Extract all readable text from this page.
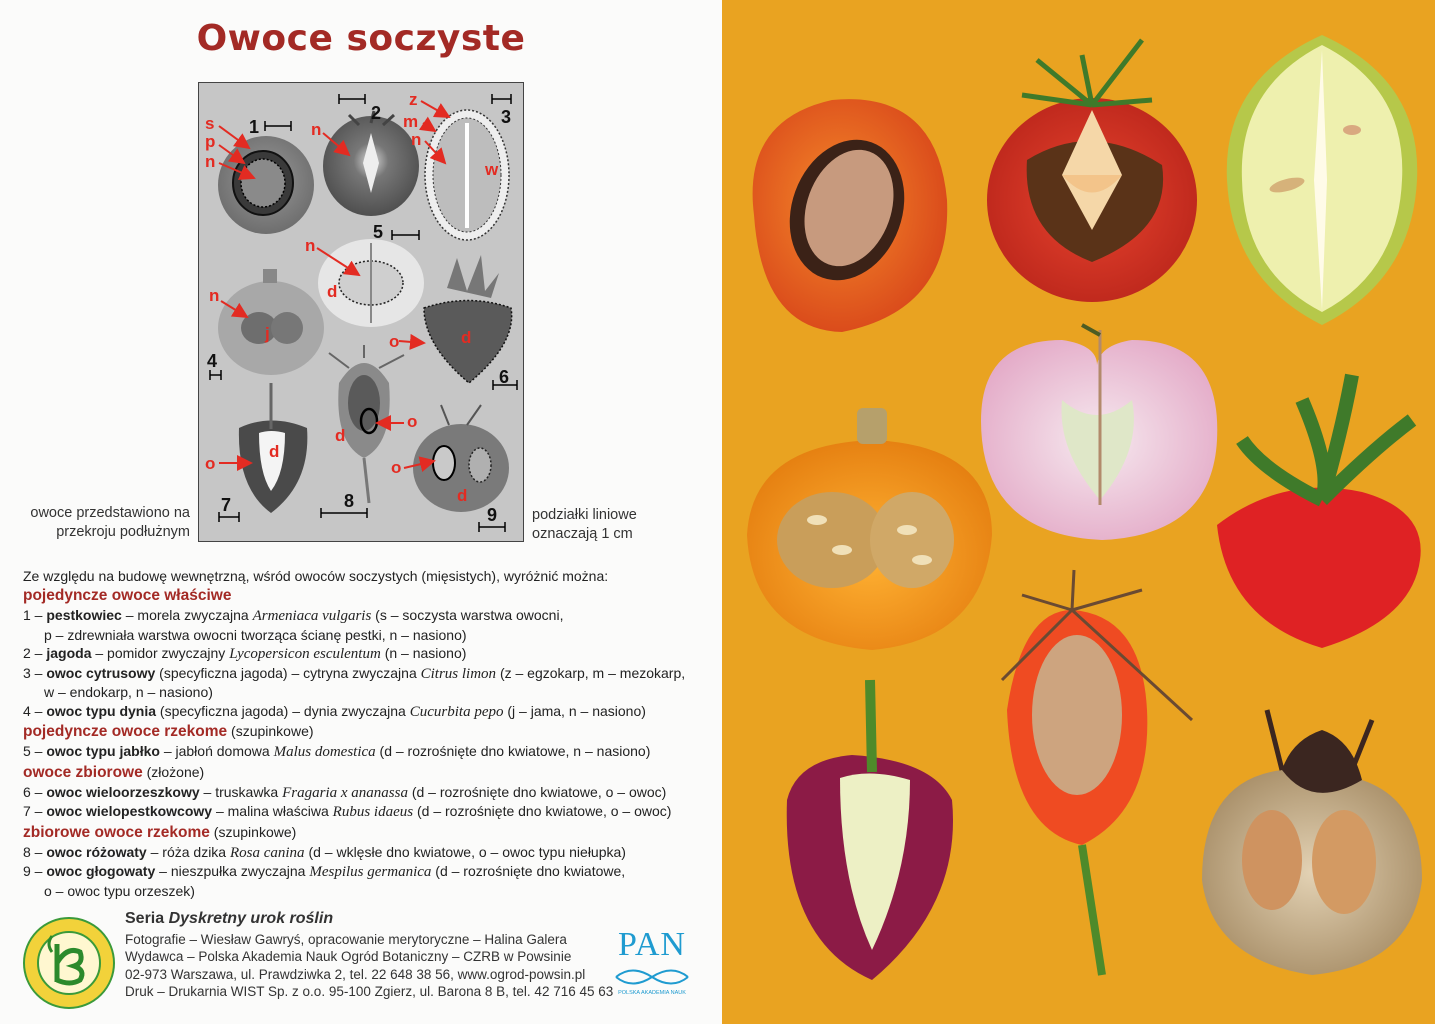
Owoce soczyste
1
2	3
4
5
6
7	8
9
s
p
n
n
z
m
n
w
n
d
n
j	o	d
o
d
d
o
o
d
owoce przedstawiono na przekroju podłużnym
podziałki liniowe oznaczają 1 cm

Ze względu na budowę wewnętrzną, wśród owoców soczystych (mięsistych), wyróżnić można:

pojedyncze owoce właściwe

1 – pestkowiec – morela zwyczajna Armeniaca vulgaris (s – soczysta warstwa owocni,
p – zdrewniała warstwa owocni tworząca ścianę pestki, n – nasiono)

2 – jagoda – pomidor zwyczajny Lycopersicon esculentum (n – nasiono)

3 – owoc cytrusowy (specyficzna jagoda) – cytryna zwyczajna Citrus limon (z – egzokarp, m – mezokarp,
w – endokarp, n – nasiono)

4 – owoc typu dynia (specyficzna jagoda) – dynia zwyczajna Cucurbita pepo (j – jama, n – nasiono)

pojedyncze owoce rzekome (szupinkowe)

5 – owoc typu jabłko – jabłoń domowa Malus domestica (d – rozrośnięte dno kwiatowe, n – nasiono)

owoce zbiorowe (złożone)

6 – owoc wieloorzeszkowy – truskawka Fragaria x ananassa (d – rozrośnięte dno kwiatowe, o – owoc)

7 – owoc wielopestkowcowy – malina właściwa Rubus idaeus (d – rozrośnięte dno kwiatowe, o – owoc)

zbiorowe owoce rzekome (szupinkowe)

8 – owoc różowaty – róża dzika Rosa canina (d – wklęsłe dno kwiatowe, o – owoc typu niełupka)

9 – owoc głogowaty – nieszpułka zwyczajna Mespilus germanica (d – rozrośnięte dno kwiatowe,
o – owoc typu orzeszek)

Seria Dyskretny urok roślin
Fotografie – Wiesław Gawryś, opracowanie merytoryczne – Halina Galera
Wydawca – Polska Akademia Nauk Ogród Botaniczny – CZRB w Powsinie
02-973 Warszawa, ul. Prawdziwka 2, tel. 22 648 38 56, www.ogrod-powsin.pl
Druk – Drukarnia WIST Sp. z o.o. 95-100 Zgierz, ul. Barona 8 B, tel. 42 716 45 63
PAN
POLSKA AKADEMIA NAUK
